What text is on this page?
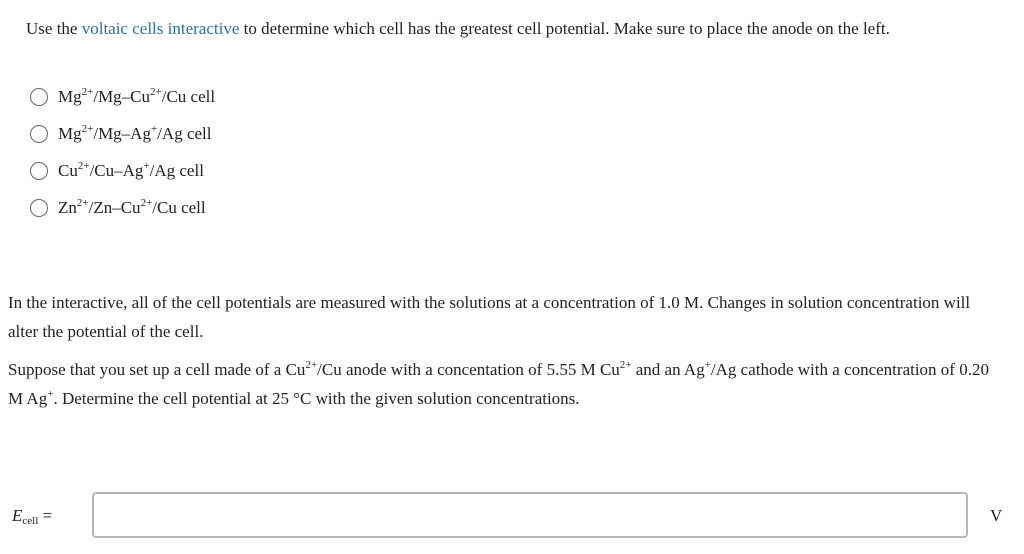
Use the voltaic cells interactive to determine which cell has the greatest cell potential. Make sure to place the anode on the left.
$Mg^{2+}/Mg-Cu^{2+}/Cu$ cell
$Mg^{2+}/Mg-Ag^+/Ag$ cell
$Cu^{2+}/Cu-Ag^+/Ag$ cell
$Zn^{2+}/Zn-Cu^{2+}/Cu$ cell
In the interactive, all of the cell potentials are measured with the solutions at a concentration of 1.0 M. Changes in solution concentration will alter the potential of the cell.
Suppose that you set up a cell made of a $Cu^{2+}/Cu$ anode with a concentation of 5.55 M $Cu^{2+}$ and an Ag+/Ag cathode with a concentration of 0.20 M Ag+. Determine the cell potential at 25 °C with the given solution concentrations.
$E_{cell}$ =	V
